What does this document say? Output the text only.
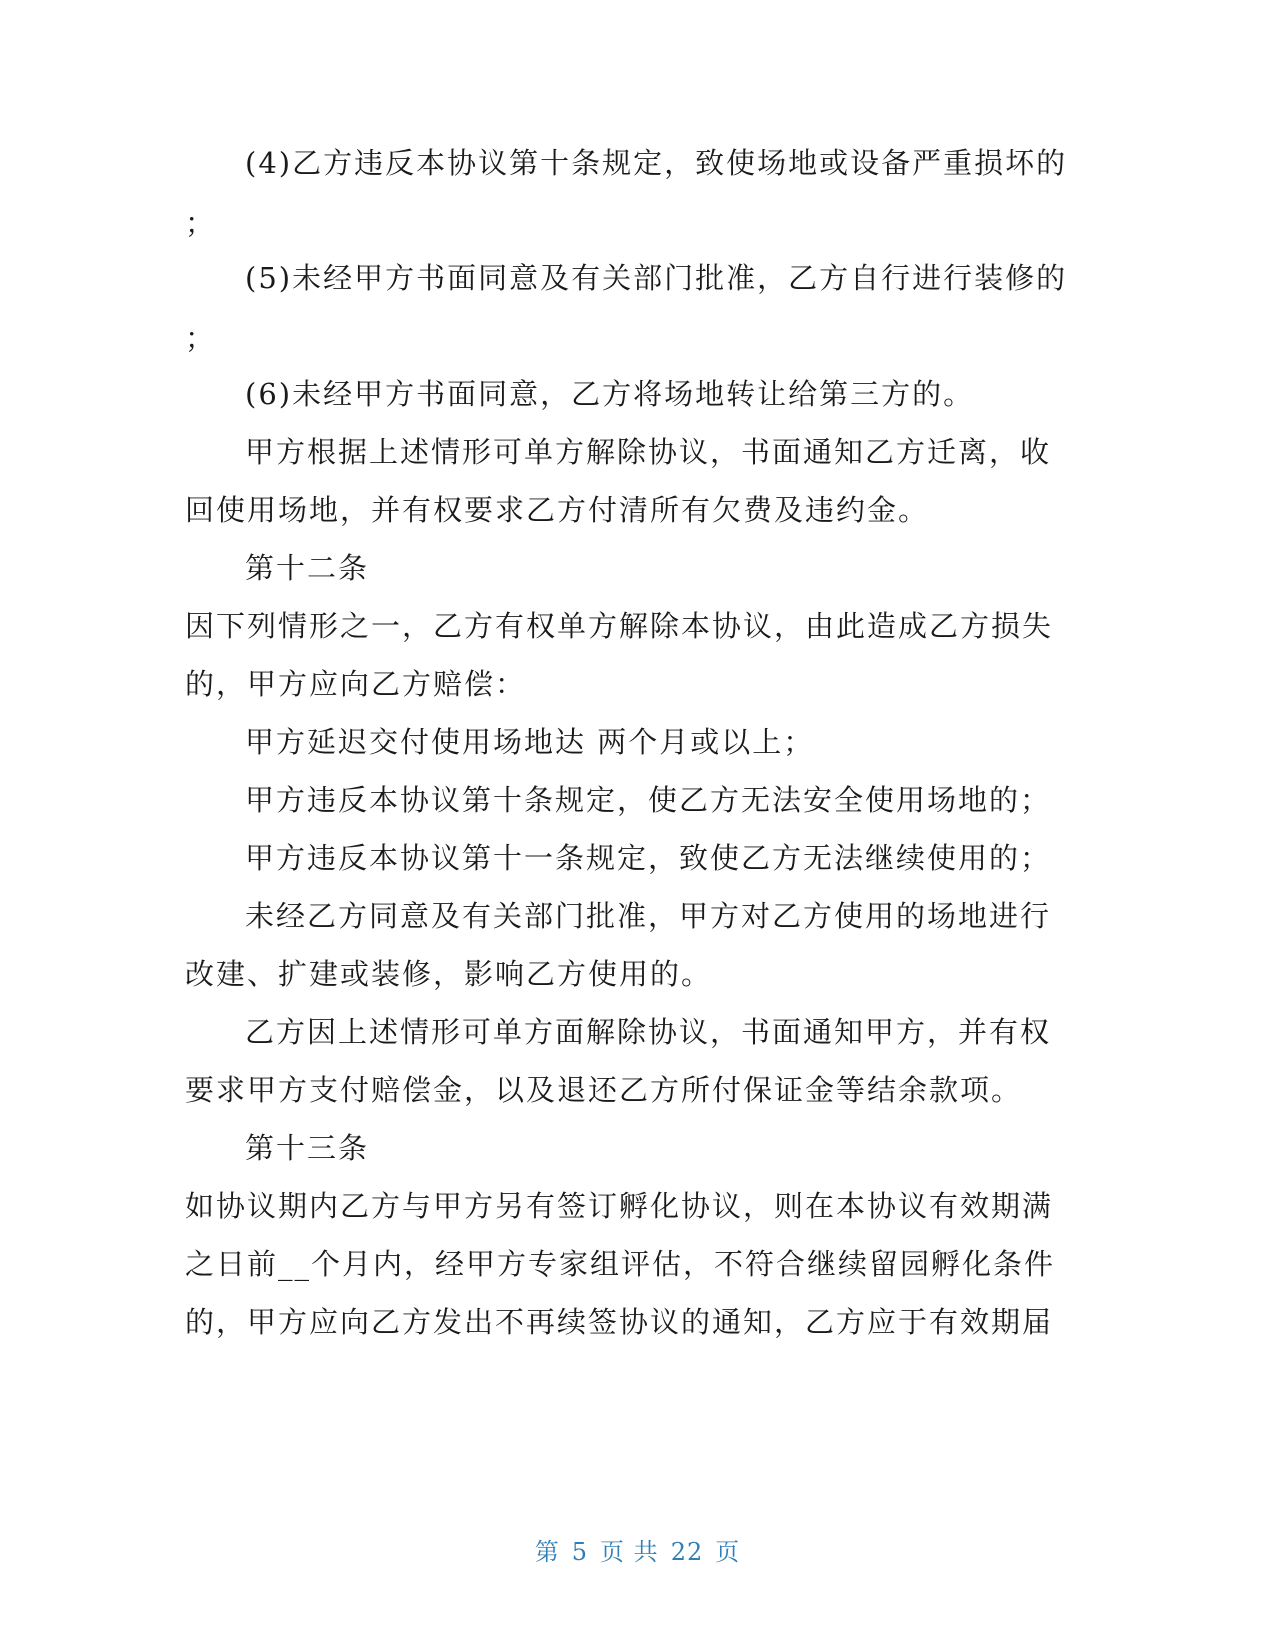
(4)乙方违反本协议第十条规定，致使场地或设备严重损坏的
；
(5)未经甲方书面同意及有关部门批准，乙方自行进行装修的
；
(6)未经甲方书面同意，乙方将场地转让给第三方的。
甲方根据上述情形可单方解除协议，书面通知乙方迁离，收
回使用场地，并有权要求乙方付清所有欠费及违约金。
第十二条
因下列情形之一，乙方有权单方解除本协议，由此造成乙方损失
的，甲方应向乙方赔偿：
甲方延迟交付使用场地达 两个月或以上；
甲方违反本协议第十条规定，使乙方无法安全使用场地的；
甲方违反本协议第十一条规定，致使乙方无法继续使用的；
未经乙方同意及有关部门批准，甲方对乙方使用的场地进行
改建、扩建或装修，影响乙方使用的。
乙方因上述情形可单方面解除协议，书面通知甲方，并有权
要求甲方支付赔偿金，以及退还乙方所付保证金等结余款项。
第十三条
如协议期内乙方与甲方另有签订孵化协议，则在本协议有效期满
之日前__个月内，经甲方专家组评估，不符合继续留园孵化条件
的，甲方应向乙方发出不再续签协议的通知，乙方应于有效期届
第 5 页 共 22 页
